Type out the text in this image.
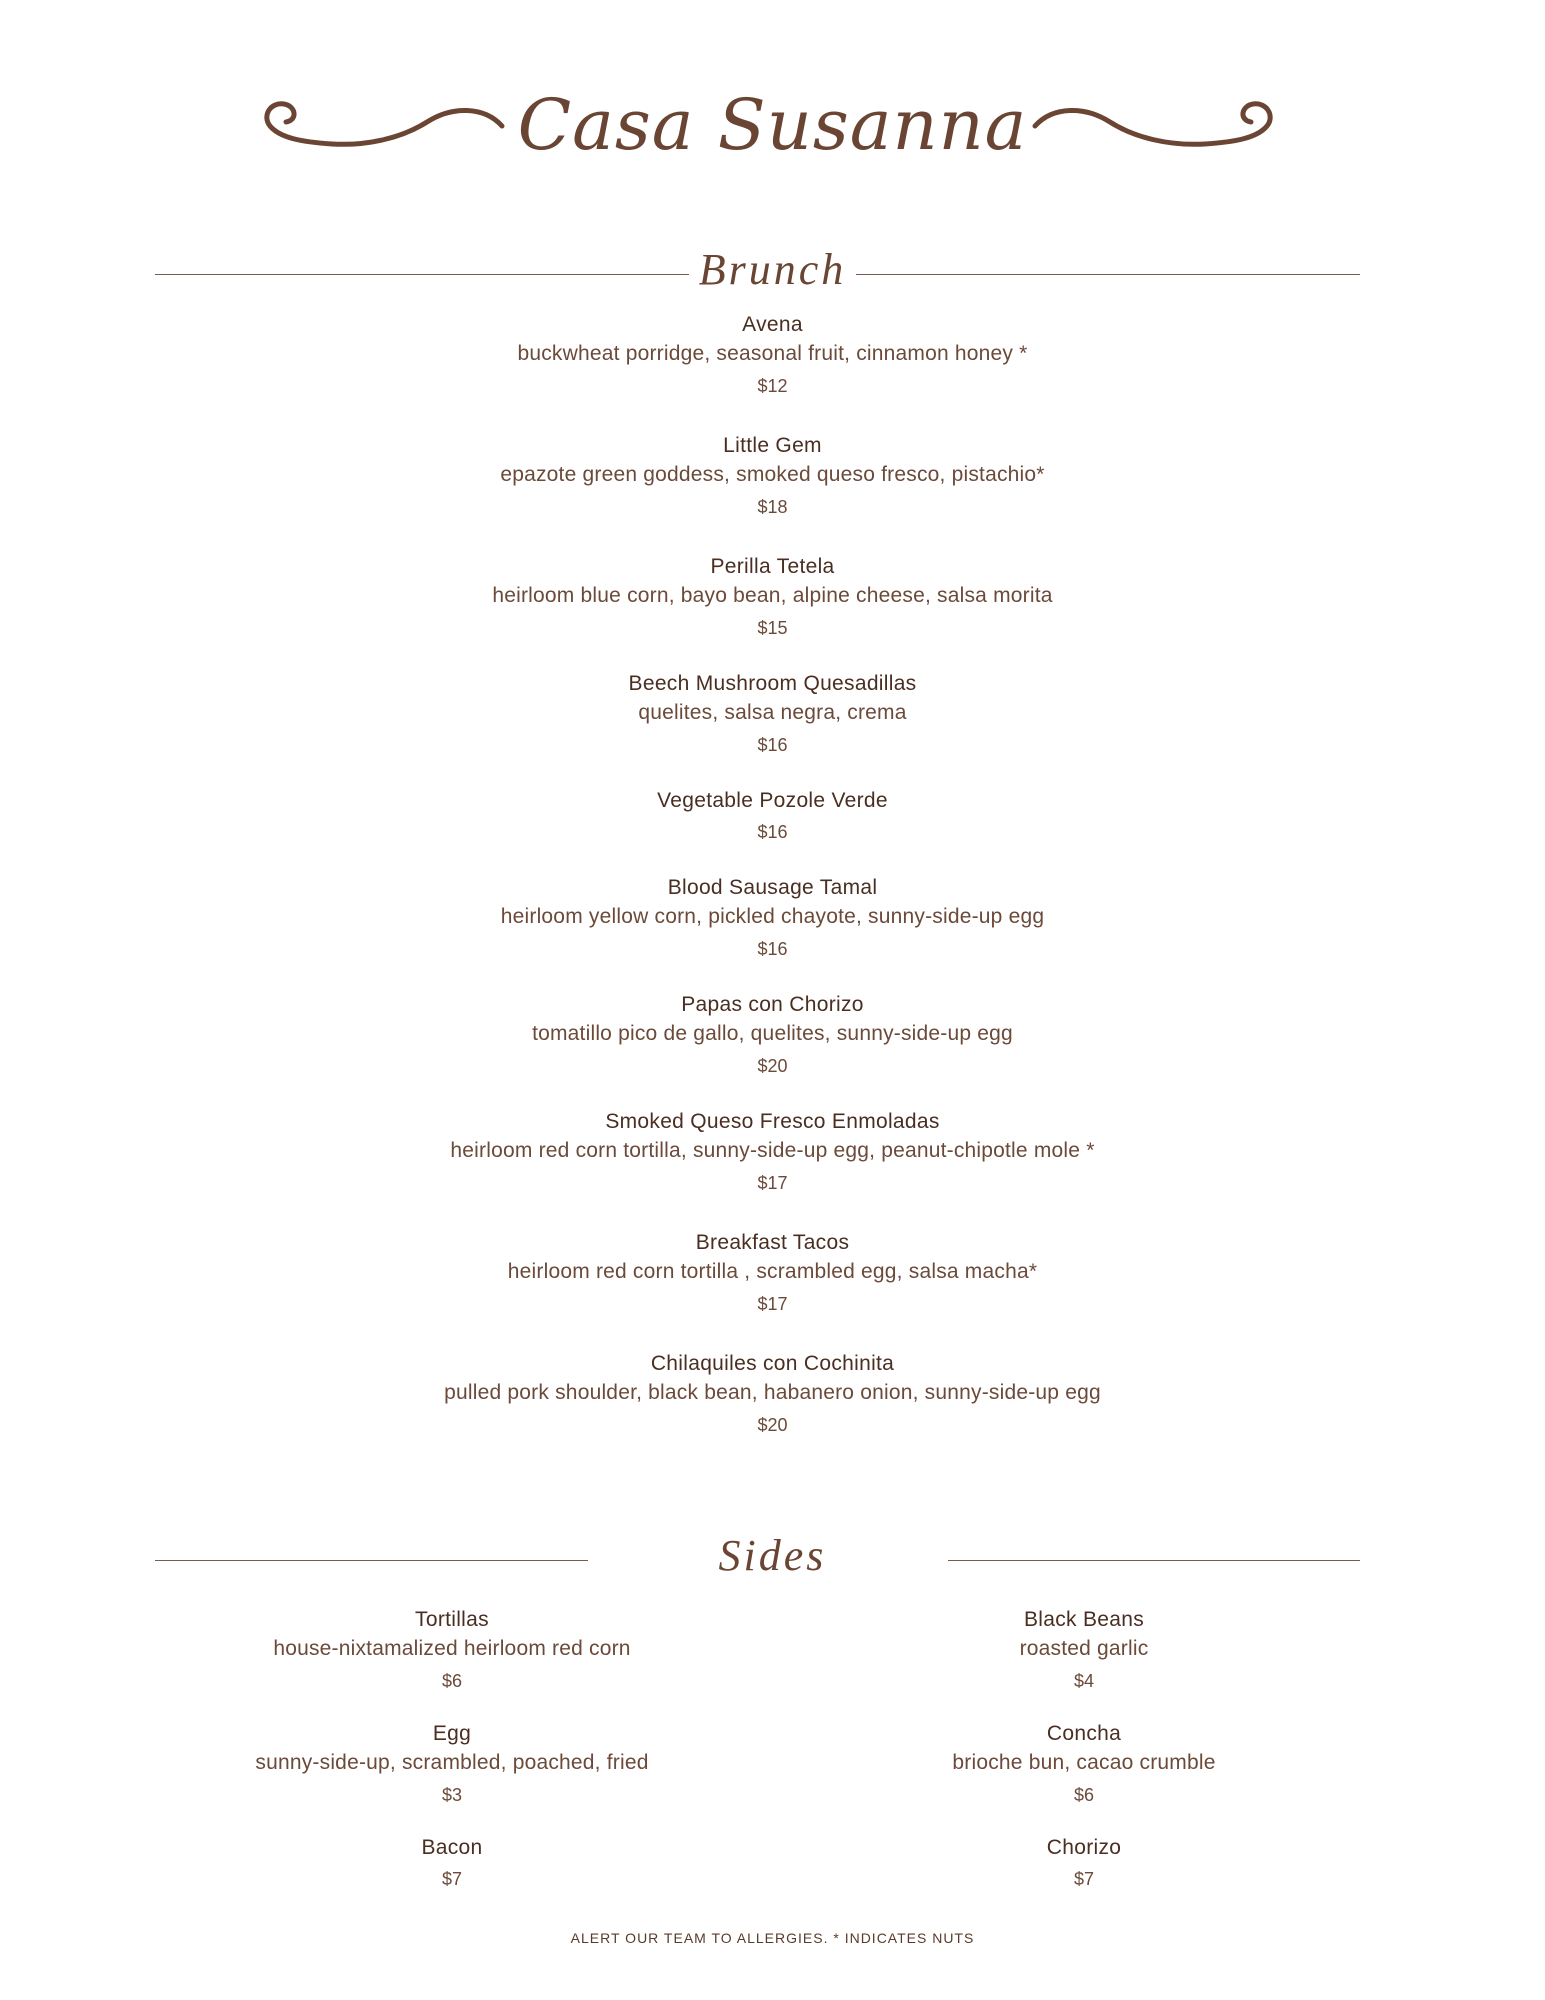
Casa Susanna
Brunch
Avena
buckwheat porridge, seasonal fruit, cinnamon honey *
$12
Little Gem
epazote green goddess, smoked queso fresco, pistachio*
$18
Perilla Tetela
heirloom blue corn, bayo bean, alpine cheese, salsa morita
$15
Beech Mushroom Quesadillas
quelites, salsa negra, crema
$16
Vegetable Pozole Verde
$16
Blood Sausage Tamal
heirloom yellow corn, pickled chayote, sunny-side-up egg
$16
Papas con Chorizo
tomatillo pico de gallo, quelites, sunny-side-up egg
$20
Smoked Queso Fresco Enmoladas
heirloom red corn tortilla, sunny-side-up egg, peanut-chipotle mole *
$17
Breakfast Tacos
heirloom red corn tortilla , scrambled egg, salsa macha*
$17
Chilaquiles con Cochinita
pulled pork shoulder, black bean, habanero onion, sunny-side-up egg
$20
Sides
Tortillas
house-nixtamalized heirloom red corn
$6
Egg
sunny-side-up, scrambled, poached, fried
$3
Bacon
$7
Black Beans
roasted garlic
$4
Concha
brioche bun, cacao crumble
$6
Chorizo
$7
ALERT OUR TEAM TO ALLERGIES. * INDICATES NUTS
